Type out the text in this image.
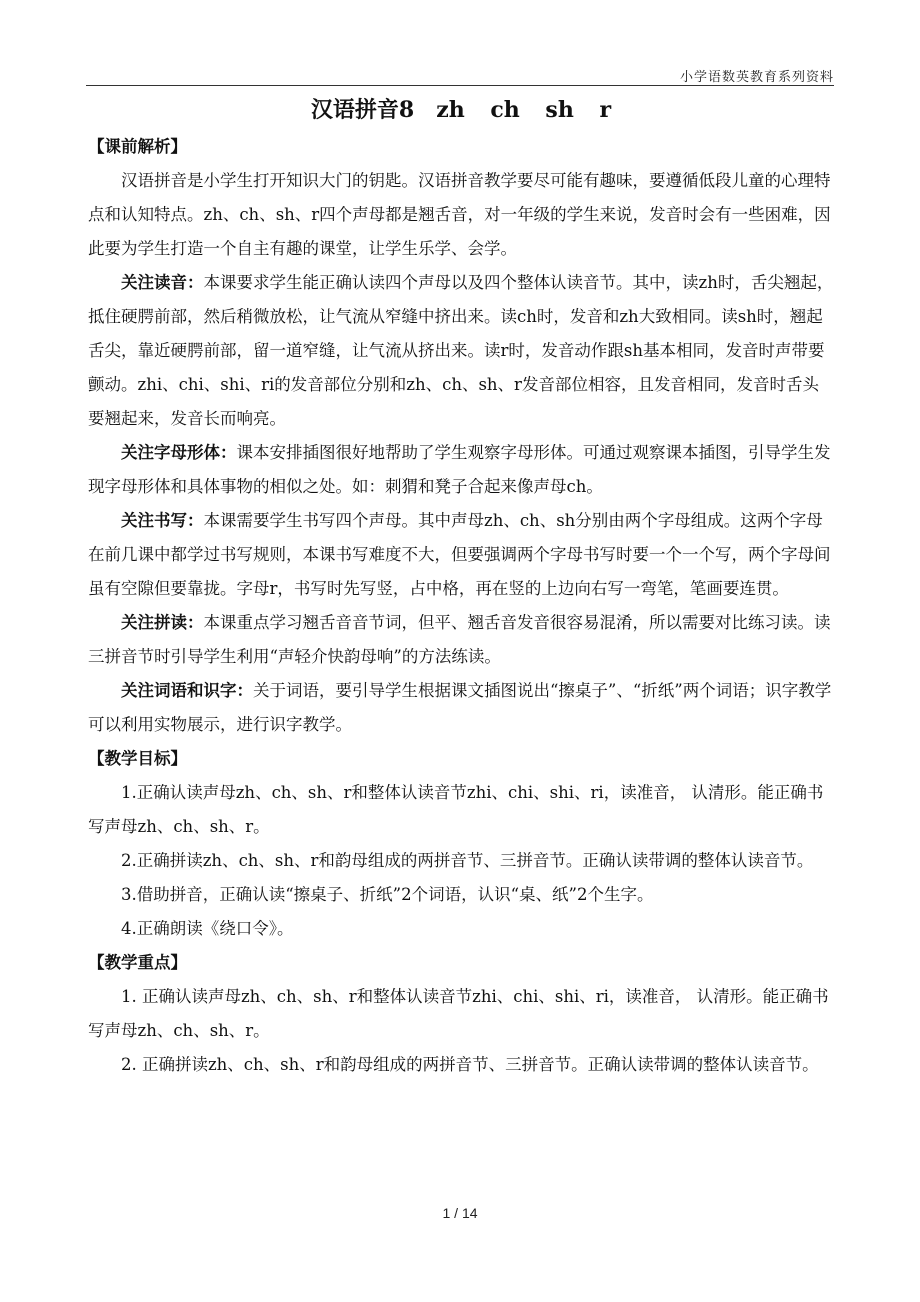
小学语数英教育系列资料
汉语拼音8 zh ch sh r

【课前解析】

汉语拼音是小学生打开知识大门的钥匙。汉语拼音教学要尽可能有趣味，要遵循低段儿童的心理特点和认知特点。zh、ch、sh、r四个声母都是翘舌音，对一年级的学生来说，发音时会有一些困难，因此要为学生打造一个自主有趣的课堂，让学生乐学、会学。

关注读音：本课要求学生能正确认读四个声母以及四个整体认读音节。其中，读zh时，舌尖翘起，抵住硬腭前部，然后稍微放松，让气流从窄缝中挤出来。读ch时，发音和zh大致相同。读sh时，翘起舌尖，靠近硬腭前部，留一道窄缝，让气流从挤出来。读r时，发音动作跟sh基本相同，发音时声带要颤动。zhi、chi、shi、ri的发音部位分别和zh、ch、sh、r发音部位相容，且发音相同，发音时舌头要翘起来，发音长而响亮。

关注字母形体：课本安排插图很好地帮助了学生观察字母形体。可通过观察课本插图，引导学生发现字母形体和具体事物的相似之处。如：刺猬和凳子合起来像声母ch。

关注书写：本课需要学生书写四个声母。其中声母zh、ch、sh分别由两个字母组成。这两个字母在前几课中都学过书写规则，本课书写难度不大，但要强调两个字母书写时要一个一个写，两个字母间虽有空隙但要靠拢。字母r，书写时先写竖，占中格，再在竖的上边向右写一弯笔，笔画要连贯。

关注拼读：本课重点学习翘舌音音节词，但平、翘舌音发音很容易混淆，所以需要对比练习读。读三拼音节时引导学生利用“声轻介快韵母响”的方法练读。

关注词语和识字：关于词语，要引导学生根据课文插图说出“擦桌子”、“折纸”两个词语；识字教学可以利用实物展示，进行识字教学。

【教学目标】

1.正确认读声母zh、ch、sh、r和整体认读音节zhi、chi、shi、ri，读准音， 认清形。能正确书写声母zh、ch、sh、r。

2.正确拼读zh、ch、sh、r和韵母组成的两拼音节、三拼音节。正确认读带调的整体认读音节。

3.借助拼音，正确认读“擦桌子、折纸”2个词语，认识“桌、纸”2个生字。

4.正确朗读《绕口令》。

【教学重点】

1. 正确认读声母zh、ch、sh、r和整体认读音节zhi、chi、shi、ri，读准音， 认清形。能正确书写声母zh、ch、sh、r。

2. 正确拼读zh、ch、sh、r和韵母组成的两拼音节、三拼音节。正确认读带调的整体认读音节。

1 / 14
